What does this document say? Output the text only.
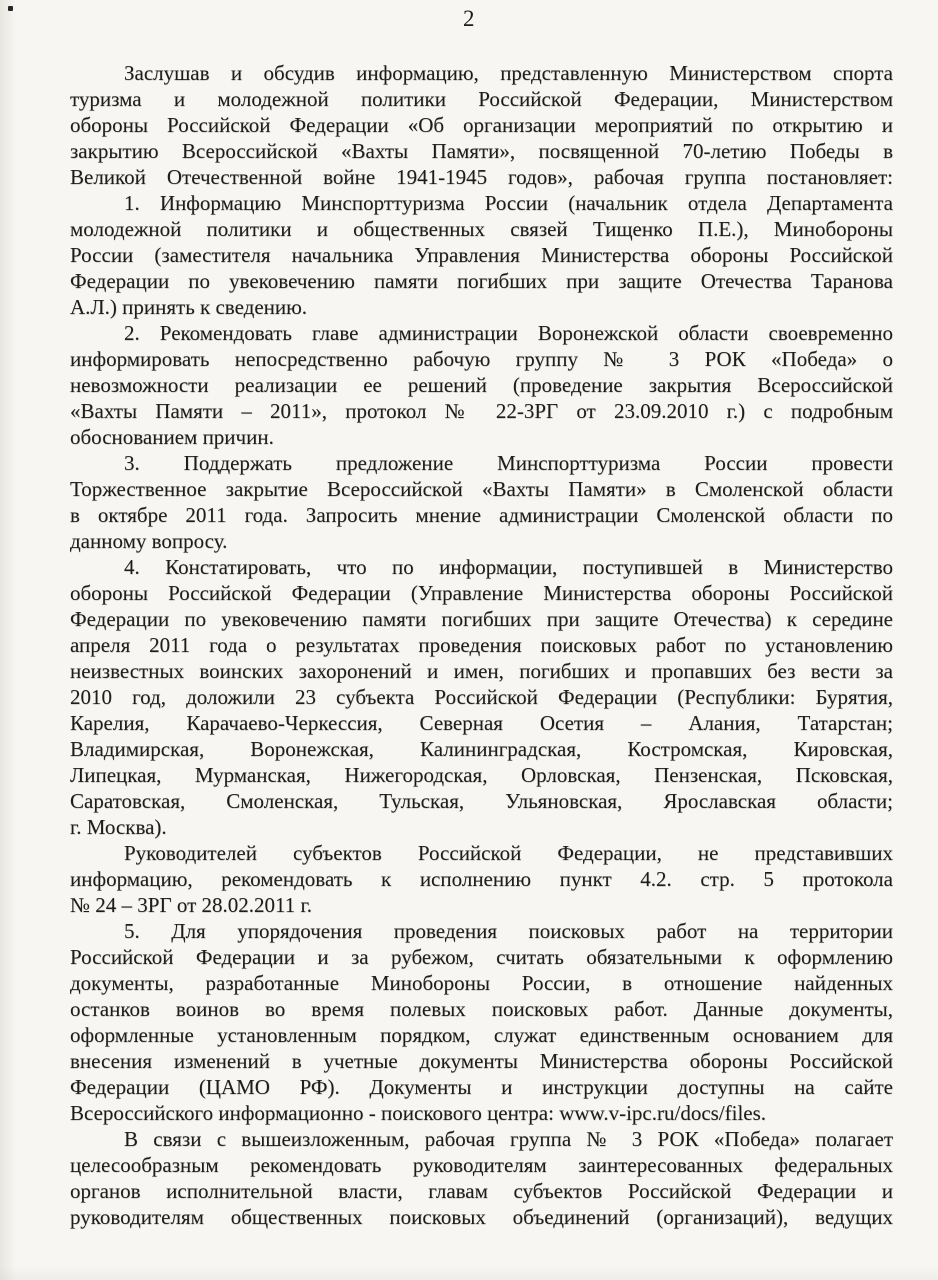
2
Заслушав и обсудив информацию, представленную Министерством спорта
туризма и молодежной политики Российской Федерации, Министерством
обороны Российской Федерации «Об организации мероприятий по открытию и
закрытию Всероссийской «Вахты Памяти», посвященной 70-летию Победы в
Великой Отечественной войне 1941-1945 годов», рабочая группа постановляет:
1. Информацию Минспорттуризма России (начальник отдела Департамента
молодежной политики и общественных связей Тищенко П.Е.), Минобороны
России (заместителя начальника Управления Министерства обороны Российской
Федерации по увековечению памяти погибших при защите Отечества Таранова
А.Л.) принять к сведению.
2. Рекомендовать главе администрации Воронежской области своевременно
информировать непосредственно рабочую группу № 3 РОК «Победа» о
невозможности реализации ее решений (проведение закрытия Всероссийской
«Вахты Памяти – 2011», протокол № 22-3РГ от 23.09.2010 г.) с подробным
обоснованием причин.
3. Поддержать предложение Минспорттуризма России провести
Торжественное закрытие Всероссийской «Вахты Памяти» в Смоленской области
в октябре 2011 года. Запросить мнение администрации Смоленской области по
данному вопросу.
4. Констатировать, что по информации, поступившей в Министерство
обороны Российской Федерации (Управление Министерства обороны Российской
Федерации по увековечению памяти погибших при защите Отечества) к середине
апреля 2011 года о результатах проведения поисковых работ по установлению
неизвестных воинских захоронений и имен, погибших и пропавших без вести за
2010 год, доложили 23 субъекта Российской Федерации (Республики: Бурятия,
Карелия, Карачаево-Черкессия, Северная Осетия – Алания, Татарстан;
Владимирская, Воронежская, Калининградская, Костромская, Кировская,
Липецкая, Мурманская, Нижегородская, Орловская, Пензенская, Псковская,
Саратовская, Смоленская, Тульская, Ульяновская, Ярославская области;
г. Москва).
Руководителей субъектов Российской Федерации, не представивших
информацию, рекомендовать к исполнению пункт 4.2. стр. 5 протокола
№ 24 – 3РГ от 28.02.2011 г.
5. Для упорядочения проведения поисковых работ на территории
Российской Федерации и за рубежом, считать обязательными к оформлению
документы, разработанные Минобороны России, в отношение найденных
останков воинов во время полевых поисковых работ. Данные документы,
оформленные установленным порядком, служат единственным основанием для
внесения изменений в учетные документы Министерства обороны Российской
Федерации (ЦАМО РФ). Документы и инструкции доступны на сайте
Всероссийского информационно - поискового центра: www.v-ipc.ru/docs/files.
В связи с вышеизложенным, рабочая группа № 3 РОК «Победа» полагает
целесообразным рекомендовать руководителям заинтересованных федеральных
органов исполнительной власти, главам субъектов Российской Федерации и
руководителям общественных поисковых объединений (организаций), ведущих
